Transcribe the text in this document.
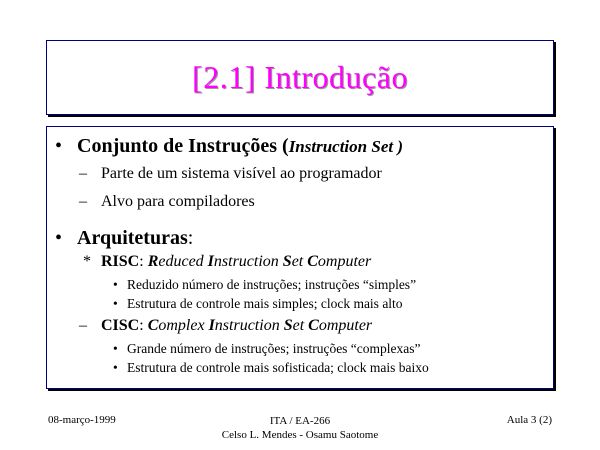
[2.1] Introdução
• Conjunto de Instruções (Instruction Set )
– Parte de um sistema visível ao programador
– Alvo para compiladores
• Arquiteturas:
* RISC: Reduced Instruction Set Computer
• Reduzido número de instruções; instruções “simples”
• Estrutura de controle mais simples; clock mais alto
– CISC: Complex Instruction Set Computer
• Grande número de instruções; instruções “complexas”
• Estrutura de controle mais sofisticada; clock mais baixo
08-março-1999	ITA / EA-266
Celso L. Mendes - Osamu Saotome
Aula 3 (2)
